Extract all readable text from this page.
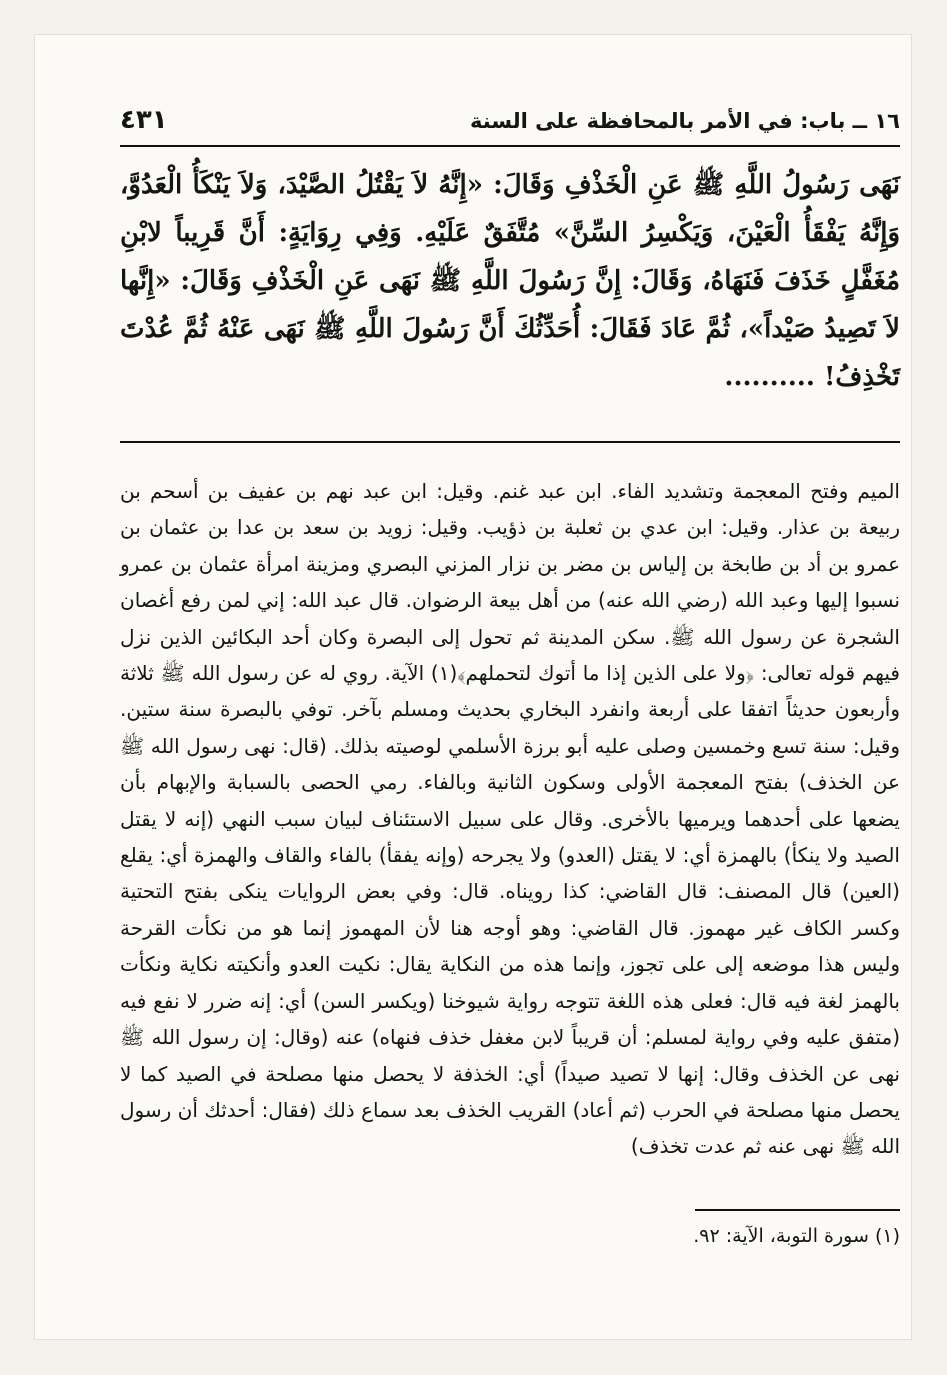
١٦ ــ باب: في الأمر بالمحافظة على السنة
٤٣١
نَهَى رَسُولُ اللَّهِ ﷺ عَنِ الْخَذْفِ وَقَالَ: «إِنَّهُ لاَ يَقْتُلُ الصَّيْدَ، وَلاَ يَنْكَأُ الْعَدُوَّ، وَإِنَّهُ يَفْقَأُ الْعَيْنَ، وَيَكْسِرُ السِّنَّ» مُتَّفَقٌ عَلَيْهِ. وَفِي رِوَايَةٍ: أَنَّ قَرِيباً لابْنِ مُغَفَّلٍ خَذَفَ فَنَهَاهُ، وَقَالَ: إِنَّ رَسُولَ اللَّهِ ﷺ نَهَى عَنِ الْخَذْفِ وَقَالَ: «إِنَّها لاَ تَصِيدُ صَيْداً»، ثُمَّ عَادَ فَقَالَ: أُحَدِّثُكَ أَنَّ رَسُولَ اللَّهِ ﷺ نَهَى عَنْهُ ثُمَّ عُدْتَ تَخْذِفُ! ..........

الميم وفتح المعجمة وتشديد الفاء. ابن عبد غنم. وقيل: ابن عبد نهم بن عفيف بن أسحم بن ربيعة بن عذار. وقيل: ابن عدي بن ثعلبة بن ذؤيب. وقيل: زويد بن سعد بن عدا بن عثمان بن عمرو بن أد بن طابخة بن إلياس بن مضر بن نزار المزني البصري ومزينة امرأة عثمان بن عمرو نسبوا إليها وعبد الله (رضي الله عنه) من أهل بيعة الرضوان. قال عبد الله: إني لمن رفع أغصان الشجرة عن رسول الله ﷺ. سكن المدينة ثم تحول إلى البصرة وكان أحد البكائين الذين نزل فيهم قوله تعالى: ﴿ولا على الذين إذا ما أتوك لتحملهم﴾(١) الآية. روي له عن رسول الله ﷺ ثلاثة وأربعون حديثاً اتفقا على أربعة وانفرد البخاري بحديث ومسلم بآخر. توفي بالبصرة سنة ستين. وقيل: سنة تسع وخمسين وصلى عليه أبو برزة الأسلمي لوصيته بذلك. (قال: نهى رسول الله ﷺ عن الخذف) بفتح المعجمة الأولى وسكون الثانية وبالفاء. رمي الحصى بالسبابة والإبهام بأن يضعها على أحدهما ويرميها بالأخرى. وقال على سبيل الاستئناف لبيان سبب النهي (إنه لا يقتل الصيد ولا ينكأ) بالهمزة أي: لا يقتل (العدو) ولا يجرحه (وإنه يفقأ) بالفاء والقاف والهمزة أي: يقلع (العين) قال المصنف: قال القاضي: كذا رويناه. قال: وفي بعض الروايات ينكى بفتح التحتية وكسر الكاف غير مهموز. قال القاضي: وهو أوجه هنا لأن المهموز إنما هو من نكأت القرحة وليس هذا موضعه إلى على تجوز، وإنما هذه من النكاية يقال: نكيت العدو وأنكيته نكاية ونكأت بالهمز لغة فيه قال: فعلى هذه اللغة تتوجه رواية شيوخنا (ويكسر السن) أي: إنه ضرر لا نفع فيه (متفق عليه وفي رواية لمسلم: أن قريباً لابن مغفل خذف فنهاه) عنه (وقال: إن رسول الله ﷺ نهى عن الخذف وقال: إنها لا تصيد صيداً) أي: الخذفة لا يحصل منها مصلحة في الصيد كما لا يحصل منها مصلحة في الحرب (ثم أعاد) القريب الخذف بعد سماع ذلك (فقال: أحدثك أن رسول الله ﷺ نهى عنه ثم عدت تخذف)

(١) سورة التوبة، الآية: ٩٢.
